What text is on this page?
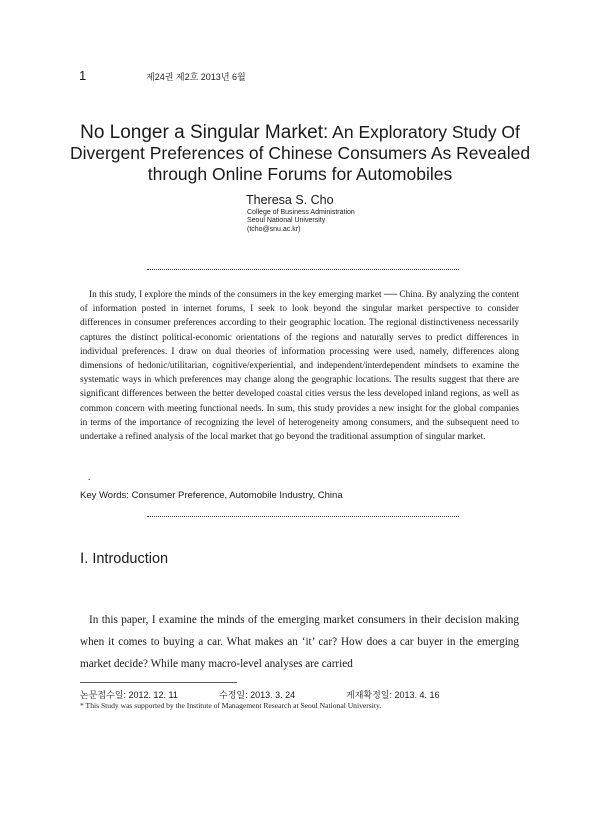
1	제24권 제2호 2013년 6월
No Longer a Singular Market: An Exploratory Study Of
Divergent Preferences of Chinese Consumers As Revealed
through Online Forums for Automobiles
Theresa S. Cho
College of Business Administration
Seoul National University
(tcho@snu.ac.kr)

In this study, I explore the minds of the consumers in the key emerging market ── China. By analyzing the content of information posted in internet forums, I seek to look beyond the singular market perspective to consider differences in consumer preferences according to their geographic location. The regional distinctiveness necessarily captures the distinct political-economic orientations of the regions and naturally serves to predict differences in individual preferences. I draw on dual theories of information processing were used, namely, differences along dimensions of hedonic/utilitarian, cognitive/experiential, and independent/interdependent mindsets to examine the systematic ways in which preferences may change along the geographic locations. The results suggest that there are significant differences between the better developed coastal cities versus the less developed inland regions, as well as common concern with meeting functional needs. In sum, this study provides a new insight for the global companies in terms of the importance of recognizing the level of heterogeneity among consumers, and the subsequent need to undertake a refined analysis of the local market that go beyond the traditional assumption of singular market.

.
Key Words: Consumer Preference, Automobile Industry, China
Ⅰ. Introduction

In this paper, I examine the minds of the emerging market consumers in their decision making when it comes to buying a car. What makes an ‘it’ car? How does a car buyer in the emerging market decide? While many macro-level analyses are carried

논문접수일: 2012. 12. 11	수정일: 2013. 3. 24	게재확정일: 2013. 4. 16
* This Study was supported by the Institute of Management Research at Seoul National University.
